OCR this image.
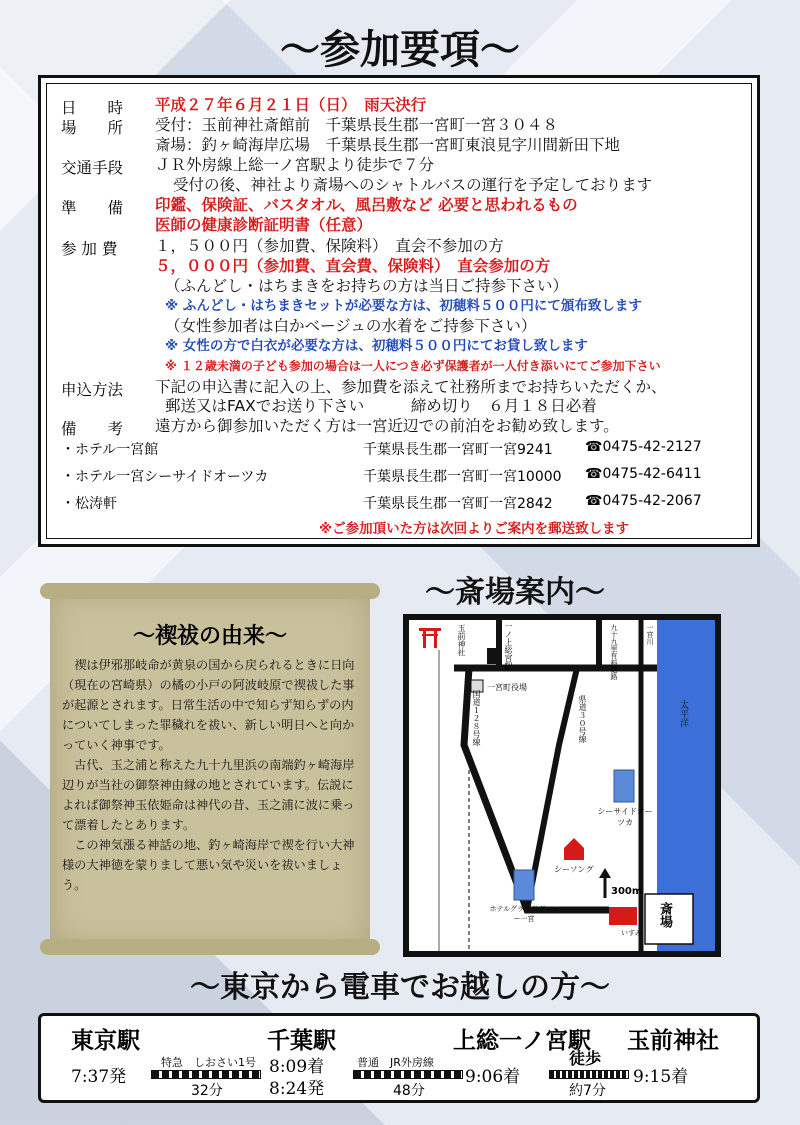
〜参加要項〜
日　　時 平成２７年６月２１日（日）　雨天決行
場　　所 受付：玉前神社斎館前　千葉県長生郡一宮町一宮３０４８
斎場：釣ヶ崎海岸広場　千葉県長生郡一宮町東浪見字川間新田下地
交通手段 ＪＲ外房線上総一ノ宮駅より徒歩で７分
受付の後、神社より斎場へのシャトルバスの運行を予定しております
準　　備 印鑑、保険証、バスタオル、風呂敷など 必要と思われるもの
医師の健康診断証明書（任意）
参 加 費 １，５００円（参加費、保険料）　直会不参加の方
５，０００円（参加費、直会費、保険料）　直会参加の方
（ふんどし・はちまきをお持ちの方は当日ご持参下さい）
※ ふんどし・はちまきセットが必要な方は、初穂料５００円にて頒布致します
（女性参加者は白かベージュの水着をご持参下さい）
※ 女性の方で白衣が必要な方は、初穂料５００円にてお貸し致します
※ １２歳未満の子ども参加の場合は一人につき必ず保護者が一人付き添いにてご参加下さい
申込方法 下記の申込書に記入の上、参加費を添えて社務所までお持ちいただくか、
郵送又はFAXでお送り下さい　　　締め切り　６月１８日必着
備　　考 遠方から御参加いただく方は一宮近辺での前泊をお勧め致します。
・ホテル一宮館	千葉県長生郡一宮町一宮9241 ☎0475-42-2127
・ホテル一宮シーサイドオーツカ	千葉県長生郡一宮町一宮10000 ☎0475-42-6411
・松涛軒	千葉県長生郡一宮町一宮2842 ☎0475-42-2067
※ご参加頂いた方は次回よりご案内を郵送致します
〜禊祓の由来〜

禊は伊邪那岐命が黄泉の国から戻られるときに日向（現在の宮崎県）の橘の小戸の阿波岐原で禊祓した事が起源とされます。日常生活の中で知らず知らずの内についてしまった罪穢れを祓い、新しい明日へと向かっていく神事です。

古代、玉之浦と称えた九十九里浜の南端釣ヶ崎海岸辺りが当社の御祭神由縁の地とされています。伝説によれば御祭神玉依姫命は神代の昔、玉之浦に波に乗って漂着したとあります。

この神気漲る神話の地、釣ヶ崎海岸で禊を行い大神様の大神徳を蒙りまして悪い気や災いを祓いましょう。

〜斎場案内〜
玉前神社	一ノ上総宮駅
一宮町役場
国道１２８号線	県道３０号線
九十九里有料道路	一宮川
太平洋
シーサイドオーツカ
シーソング
ホテルグランドヴィュー一宮
300m
斎場
いすみ
〜東京から電車でお越しの方〜
東京駅	千葉駅	上総一ノ宮駅 玉前神社
7:37発
特急　しおさい1号
32分
8:09着
8:24発
普通　JR外房線
48分
9:06着
徒歩
約7分
9:15着
